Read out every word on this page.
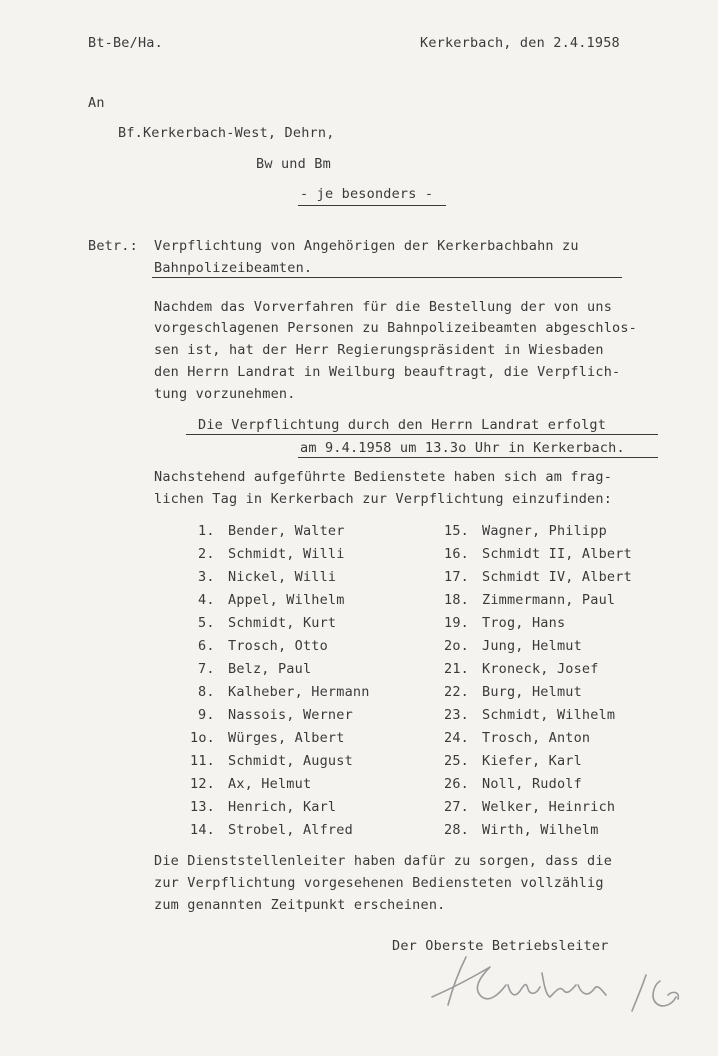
Bt-Be/Ha.	Kerkerbach, den 2.4.1958
An
Bf.Kerkerbach-West, Dehrn,
Bw und Bm
- je besonders -
Betr.: Verpflichtung von Angehörigen der Kerkerbachbahn zu
Bahnpolizeibeamten.
Nachdem das Vorverfahren für die Bestellung der von uns
vorgeschlagenen Personen zu Bahnpolizeibeamten abgeschlos-
sen ist, hat der Herr Regierungspräsident in Wiesbaden
den Herrn Landrat in Weilburg beauftragt, die Verpflich-
tung vorzunehmen.
Die Verpflichtung durch den Herrn Landrat erfolgt
am 9.4.1958 um 13.3o Uhr in Kerkerbach.
Nachstehend aufgeführte Bedienstete haben sich am frag-
lichen Tag in Kerkerbach zur Verpflichtung einzufinden:
1. Bender, Walter
2. Schmidt, Willi
3. Nickel, Willi
4. Appel, Wilhelm
5. Schmidt, Kurt
6. Trosch, Otto
7. Belz, Paul
8. Kalheber, Hermann
9. Nassois, Werner
1o. Würges, Albert
11. Schmidt, August
12. Ax, Helmut
13. Henrich, Karl
14. Strobel, Alfred
15. Wagner, Philipp
16. Schmidt II, Albert
17. Schmidt IV, Albert
18. Zimmermann, Paul
19. Trog, Hans
2o. Jung, Helmut
21. Kroneck, Josef
22. Burg, Helmut
23. Schmidt, Wilhelm
24. Trosch, Anton
25. Kiefer, Karl
26. Noll, Rudolf
27. Welker, Heinrich
28. Wirth, Wilhelm
Die Dienststellenleiter haben dafür zu sorgen, dass die
zur Verpflichtung vorgesehenen Bediensteten vollzählig
zum genannten Zeitpunkt erscheinen.
Der Oberste Betriebsleiter
